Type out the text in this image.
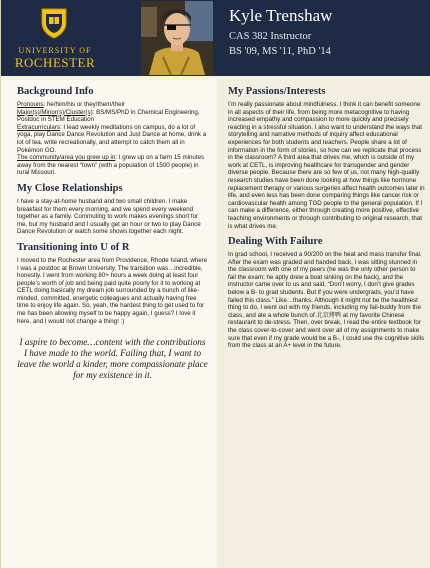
UNIVERSITY OF
ROCHESTER
Kyle Trenshaw
CAS 382 Instructor
BS '09, MS '11, PhD '14
Background Info

Pronouns: he/him/his or they/them/their

Major(s)/Minor(s)/Cluster(s): BS/MS/PhD in Chemical Engineering, Postdoc in STEM Education

Extracurriculars: I lead weekly meditations on campus, do a lot of yoga, play Dance Dance Revolution and Just Dance at home, drink a lot of tea, write recreationally, and attempt to catch them all in Pokémon GO.

The community/area you grew up in: I grew up on a farm 15 minutes away from the nearest “town” (with a population of 1500 people) in rural Missouri.

My Close Relationships

I have a stay-at-home husband and two small children. I make breakfast for them every morning, and we spend every weekend together as a family. Commuting to work makes evenings short for me, but my husband and I usually get an hour or two to play Dance Dance Revolution or watch some shows together each night.

Transitioning into U of R

I moved to the Rochester area from Providence, Rhode Island, where I was a postdoc at Brown University. The transition was…incredible, honestly. I went from working 80+ hours a week doing at least four people’s worth of job and being paid quite poorly for it to working at CETL doing basically my dream job surrounded by a bunch of like-minded, committed, energetic colleagues and actually having free time to enjoy life again. So, yeah, the hardest thing to get used to for me has been allowing myself to be happy again, I guess? I love it here, and I would not change a thing! :)

I aspire to become…content with the contributions I have made to the world. Failing that, I want to leave the world a kinder, more compassionate place for my existence in it.
My Passions/Interests

I’m really passionate about mindfulness. I think it can benefit someone in all aspects of their life, from being more metacognitive to having increased empathy and compassion to more quickly and precisely reacting in a stressful situation. I also want to understand the ways that storytelling and narrative methods of inquiry affect educational experiences for both students and teachers. People share a lot of information in the form of stories, so how can we replicate that process in the classroom? A third area that drives me, which is outside of my work at CETL, is improving healthcare for transgender and gender diverse people. Because there are so few of us, not many high-quality research studies have been done looking at how things like hormone replacement therapy or various surgeries affect health outcomes later in life, and even less has been done comparing things like cancer risk or cardiovascular health among TGD people to the general population. If I can make a difference, either through creating more positive, effective teaching environments or through contributing to original research, that is what drives me.

Dealing With Failure

In grad school, I received a 90/200 on the heat and mass transfer final. After the exam was graded and handed back, I was sitting stunned in the classroom with one of my peers (he was the only other person to fail the exam; he aptly drew a boat sinking on the back), and the instructor came over to us and said, “Don’t worry, I don’t give grades below a B- to grad students. But if you were undergrads, you’d have failed this class.” Like…thanks. Although it might not be the healthiest thing to do, I went out with my friends, including my fail-buddy from the class, and ate a whole bunch of 北京烤鸭 at my favorite Chinese restaurant to de-stress. Then, over break, I read the entire textbook for the class cover-to-cover and went over all of my assignments to make sure that even if my grade would be a B-, I could use the cognitive skills from the class at an A+ level in the future.
